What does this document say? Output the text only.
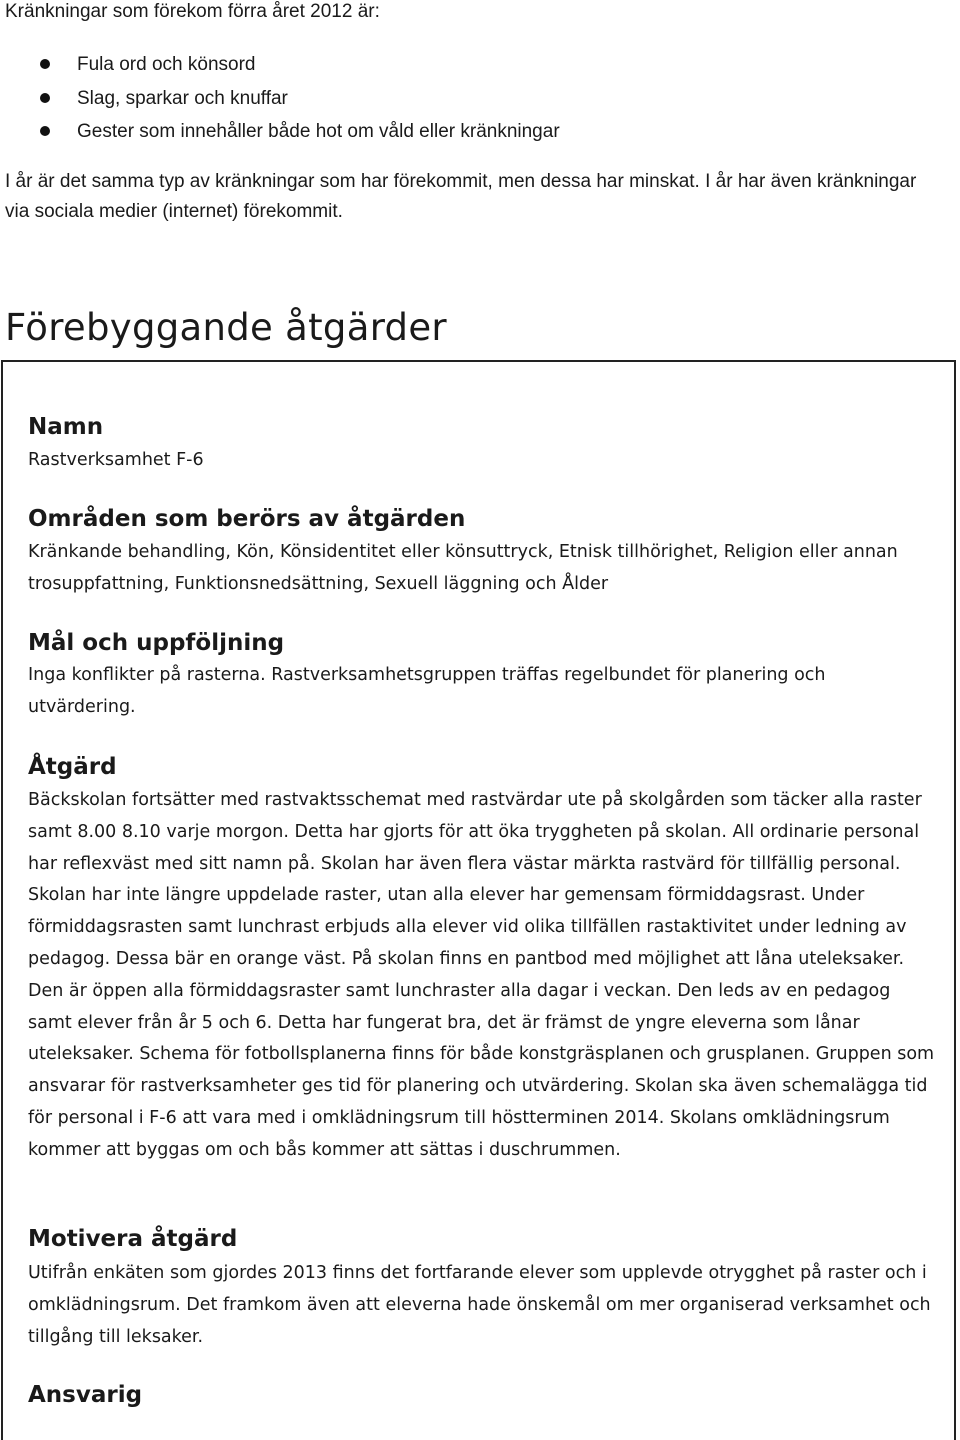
Kränkningar som förekom förra året 2012 är:

Fula ord och könsord
Slag, sparkar och knuffar
Gester som innehåller både hot om våld eller kränkningar

I år är det samma typ av kränkningar som har förekommit, men dessa har minskat. I år har även kränkningar via sociala medier (internet) förekommit.

Förebyggande åtgärder

Namn

Rastverksamhet F-6

Områden som berörs av åtgärden

Kränkande behandling, Kön, Könsidentitet eller könsuttryck, Etnisk tillhörighet, Religion eller annan trosuppfattning, Funktionsnedsättning, Sexuell läggning och Ålder

Mål och uppföljning

Inga konflikter på rasterna. Rastverksamhetsgruppen träffas regelbundet för planering och utvärdering.

Åtgärd

Bäckskolan fortsätter med rastvaktsschemat med rastvärdar ute på skolgården som täcker alla raster samt 8.00 8.10 varje morgon. Detta har gjorts för att öka tryggheten på skolan. All ordinarie personal har reflexväst med sitt namn på. Skolan har även flera västar märkta rastvärd för tillfällig personal. Skolan har inte längre uppdelade raster, utan alla elever har gemensam förmiddagsrast. Under förmiddagsrasten samt lunchrast erbjuds alla elever vid olika tillfällen rastaktivitet under ledning av pedagog. Dessa bär en orange väst. På skolan finns en pantbod med möjlighet att låna uteleksaker. Den är öppen alla förmiddagsraster samt lunchraster alla dagar i veckan. Den leds av en pedagog samt elever från år 5 och 6. Detta har fungerat bra, det är främst de yngre eleverna som lånar uteleksaker. Schema för fotbollsplanerna finns för både konstgräsplanen och grusplanen. Gruppen som ansvarar för rastverksamheter ges tid för planering och utvärdering. Skolan ska även schemalägga tid för personal i F-6 att vara med i omklädningsrum till höstterminen 2014. Skolans omklädningsrum kommer att byggas om och bås kommer att sättas i duschrummen.

Motivera åtgärd

Utifrån enkäten som gjordes 2013 finns det fortfarande elever som upplevde otrygghet på raster och i omklädningsrum. Det framkom även att eleverna hade önskemål om mer organiserad verksamhet och tillgång till leksaker.

Ansvarig
